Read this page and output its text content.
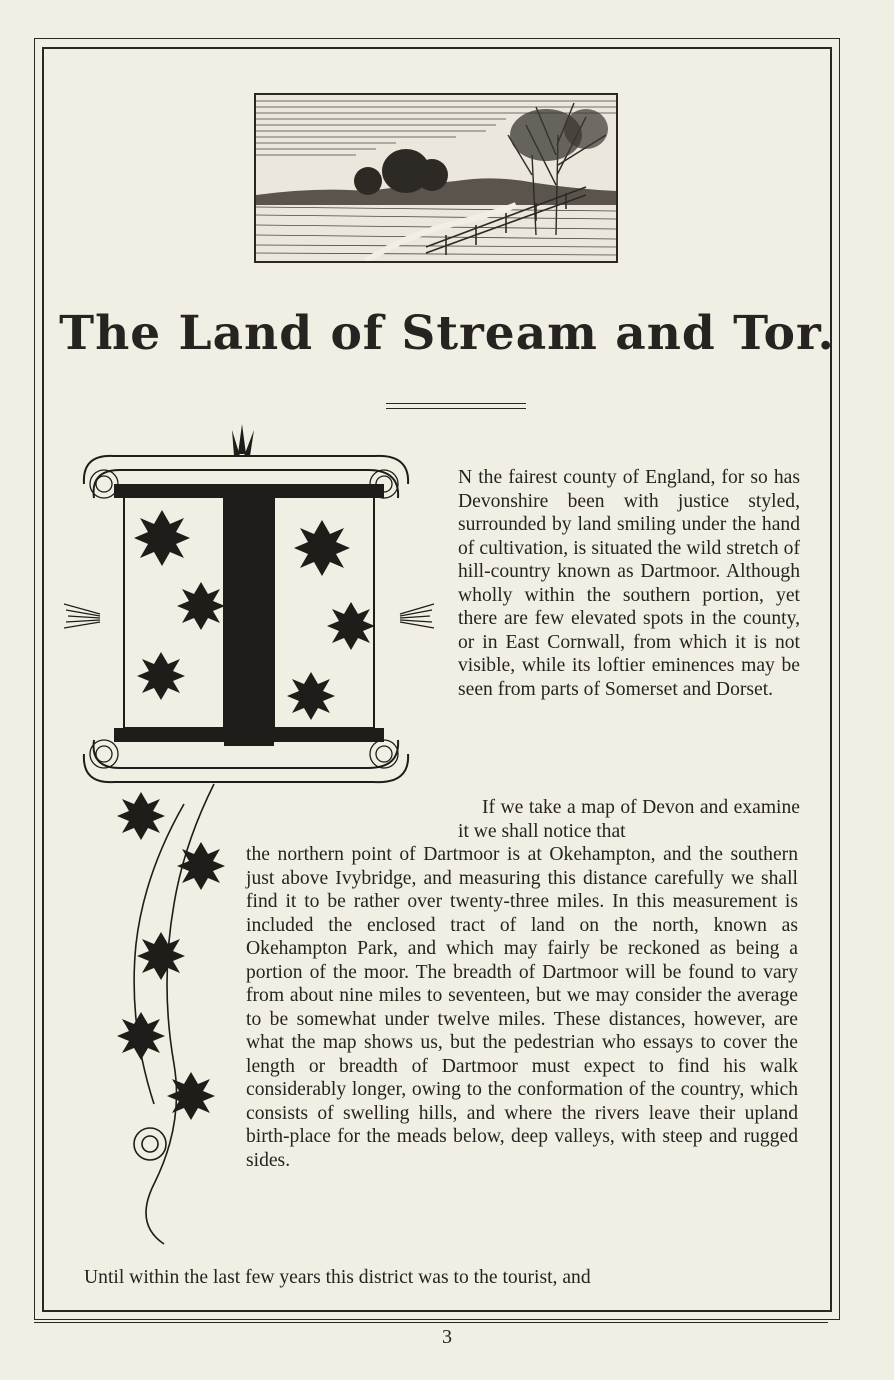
The Land of Stream and Tor.

N the fairest county of England, for so has Devonshire been with justice styled, surrounded by land smiling under the hand of cultivation, is situated the wild stretch of hill-country known as Dartmoor. Although wholly within the southern portion, yet there are few elevated spots in the county, or in East Cornwall, from which it is not visible, while its loftier eminences may be seen from parts of Somerset and Dorset.

If we take a map of Devon and examine it we shall notice that

the northern point of Dartmoor is at Okehampton, and the southern just above Ivybridge, and measuring this distance carefully we shall find it to be rather over twenty-three miles. In this measurement is included the enclosed tract of land on the north, known as Okehampton Park, and which may fairly be reckoned as being a portion of the moor. The breadth of Dartmoor will be found to vary from about nine miles to seventeen, but we may consider the average to be somewhat under twelve miles. These distances, however, are what the map shows us, but the pedestrian who essays to cover the length or breadth of Dartmoor must expect to find his walk considerably longer, owing to the conformation of the country, which consists of swelling hills, and where the rivers leave their upland birth-place for the meads below, deep valleys, with steep and rugged sides.

Until within the last few years this district was to the tourist, and
3
